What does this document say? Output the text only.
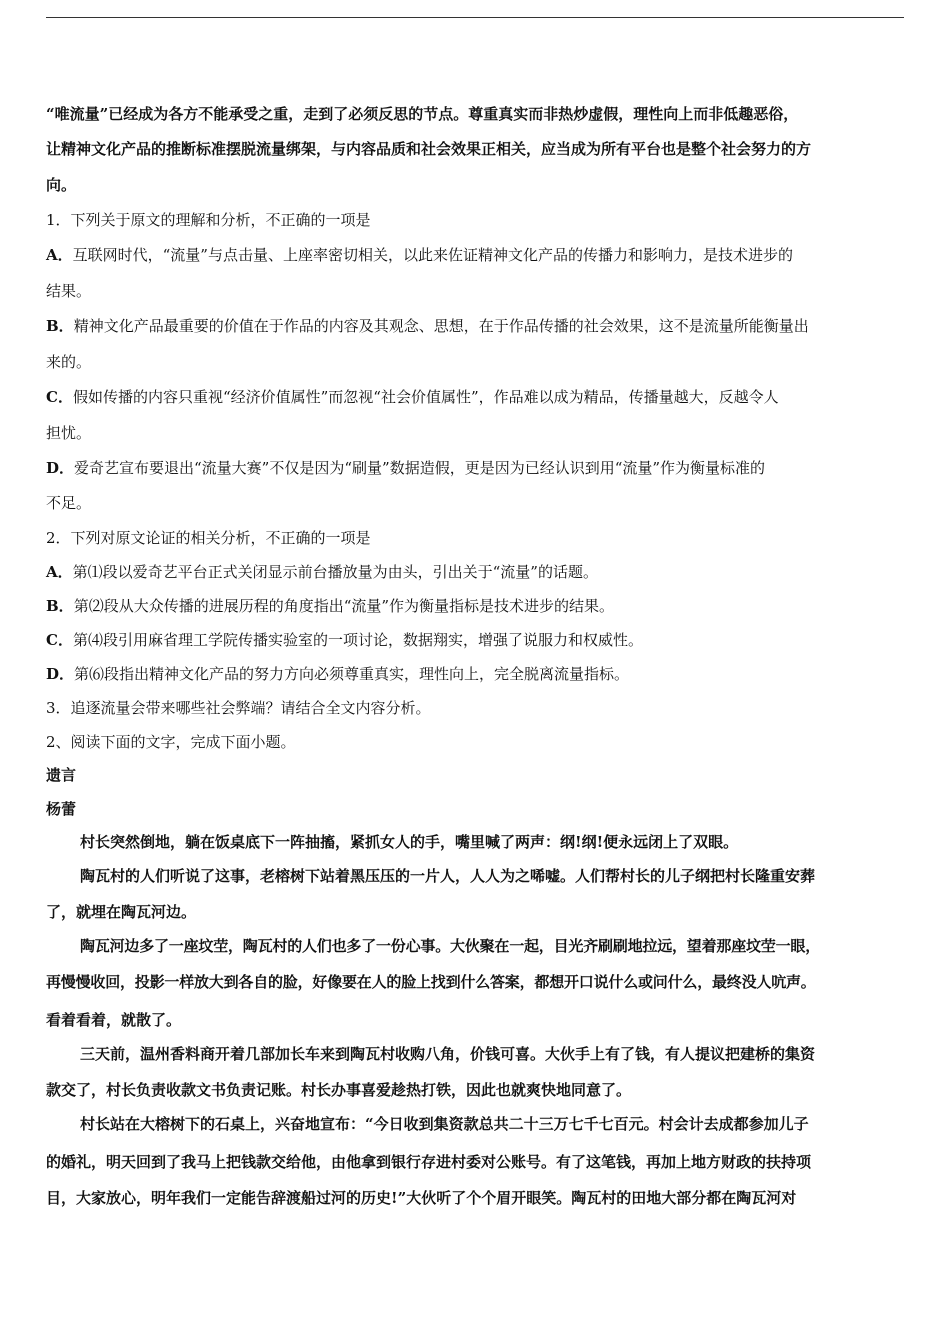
“唯流量”已经成为各方不能承受之重，走到了必须反思的节点。尊重真实而非热炒虚假，理性向上而非低趣恶俗，
让精神文化产品的推断标准摆脱流量绑架，与内容品质和社会效果正相关，应当成为所有平台也是整个社会努力的方
向。
1．下列关于原文的理解和分析，不正确的一项是
A．互联网时代，“流量”与点击量、上座率密切相关，以此来佐证精神文化产品的传播力和影响力，是技术进步的
结果。
B．精神文化产品最重要的价值在于作品的内容及其观念、思想，在于作品传播的社会效果，这不是流量所能衡量出
来的。
C．假如传播的内容只重视“经济价值属性”而忽视“社会价值属性”，作品难以成为精品，传播量越大，反越令人
担忧。
D．爱奇艺宣布要退出“流量大赛”不仅是因为“刷量”数据造假，更是因为已经认识到用“流量”作为衡量标准的
不足。
2．下列对原文论证的相关分析，不正确的一项是
A．第⑴段以爱奇艺平台正式关闭显示前台播放量为由头，引出关于“流量”的话题。
B．第⑵段从大众传播的进展历程的角度指出“流量”作为衡量指标是技术进步的结果。
C．第⑷段引用麻省理工学院传播实验室的一项讨论，数据翔实，增强了说服力和权威性。
D．第⑹段指出精神文化产品的努力方向必须尊重真实，理性向上，完全脱离流量指标。
3．追逐流量会带来哪些社会弊端？请结合全文内容分析。
2、阅读下面的文字，完成下面小题。
遗言
杨蕾
村长突然倒地，躺在饭桌底下一阵抽搐，紧抓女人的手，嘴里喊了两声：纲!纲!便永远闭上了双眼。
陶瓦村的人们听说了这事，老榕树下站着黑压压的一片人，人人为之唏嘘。人们帮村长的儿子纲把村长隆重安葬
了，就埋在陶瓦河边。
陶瓦河边多了一座坟茔，陶瓦村的人们也多了一份心事。大伙聚在一起，目光齐刷刷地拉远，望着那座坟茔一眼，
再慢慢收回，投影一样放大到各自的脸，好像要在人的脸上找到什么答案，都想开口说什么或问什么，最终没人吭声。
看着看着，就散了。
三天前，温州香料商开着几部加长车来到陶瓦村收购八角，价钱可喜。大伙手上有了钱，有人提议把建桥的集资
款交了，村长负责收款文书负责记账。村长办事喜爱趁热打铁，因此也就爽快地同意了。
村长站在大榕树下的石桌上，兴奋地宣布：“今日收到集资款总共二十三万七千七百元。村会计去成都参加儿子
的婚礼，明天回到了我马上把钱款交给他，由他拿到银行存进村委对公账号。有了这笔钱，再加上地方财政的扶持项
目，大家放心，明年我们一定能告辞渡船过河的历史!”大伙听了个个眉开眼笑。陶瓦村的田地大部分都在陶瓦河对
